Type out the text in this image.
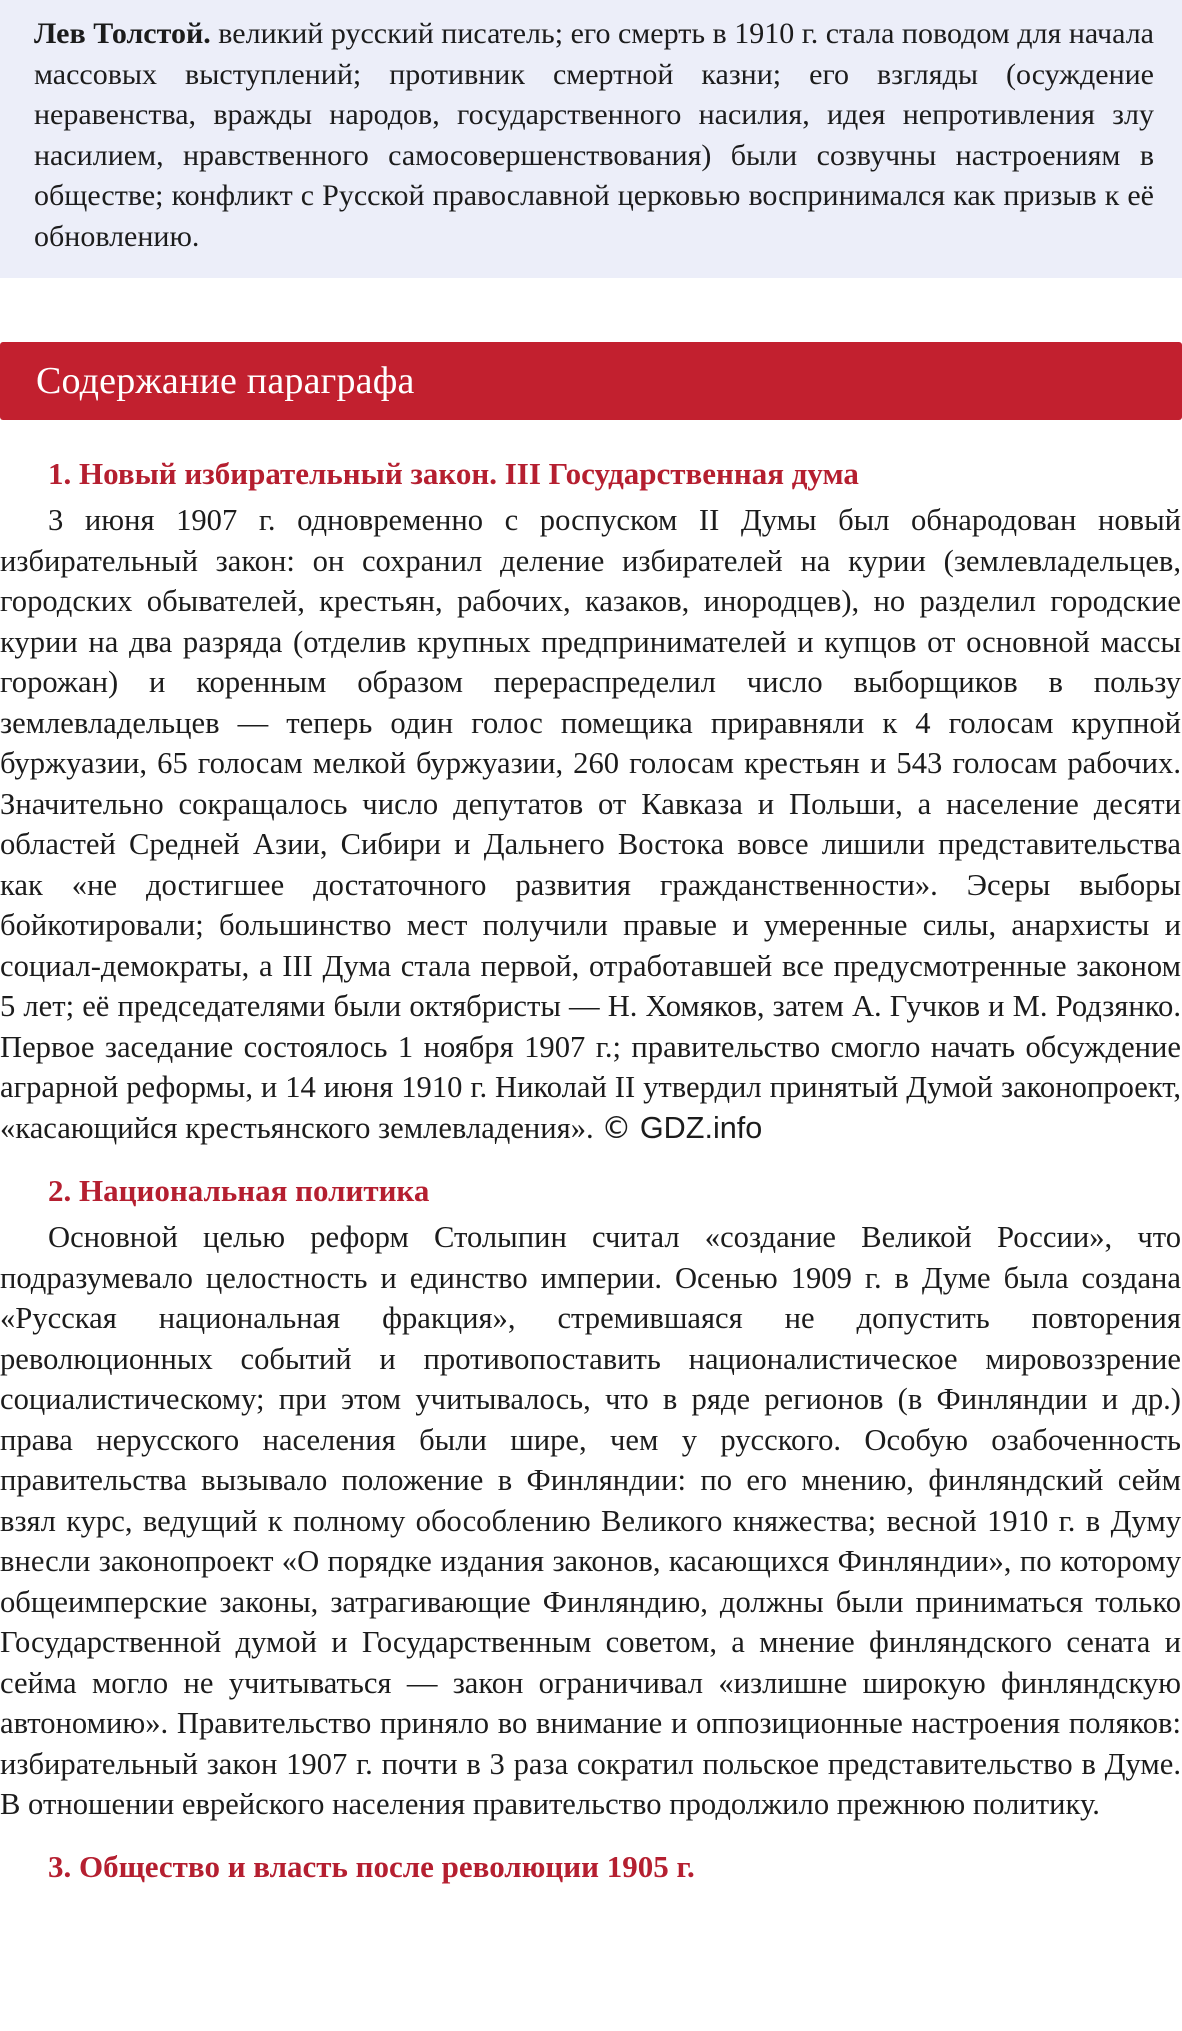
Лев Толстой. великий русский писатель; его смерть в 1910 г. стала поводом для начала массовых выступлений; противник смертной казни; его взгляды (осуждение неравенства, вражды народов, государственного насилия, идея непротивления злу насилием, нравственного самосовершенствования) были созвучны настроениям в обществе; конфликт с Русской православной церковью воспринимался как призыв к её обновлению.

Содержание параграфа
1. Новый избирательный закон. III Государственная дума

3 июня 1907 г. одновременно с роспуском II Думы был обнародован новый избирательный закон: он сохранил деление избирателей на курии (землевладельцев, городских обывателей, крестьян, рабочих, казаков, инородцев), но разделил городские курии на два разряда (отделив крупных предпринимателей и купцов от основной массы горожан) и коренным образом перераспределил число выборщиков в пользу землевладельцев — теперь один голос помещика приравняли к 4 голосам крупной буржуазии, 65 голосам мелкой буржуазии, 260 голосам крестьян и 543 голосам рабочих. Значительно сокращалось число депутатов от Кавказа и Польши, а население десяти областей Средней Азии, Сибири и Дальнего Востока вовсе лишили представительства как «не достигшее достаточного развития гражданственности». Эсеры выборы бойкотировали; большинство мест получили правые и умеренные силы, анархисты и социал-демократы, а III Дума стала первой, отработавшей все предусмотренные законом 5 лет; её председателями были октябристы — Н. Хомяков, затем А. Гучков и М. Родзянко. Первое заседание состоялось 1 ноября 1907 г.; правительство смогло начать обсуждение аграрной реформы, и 14 июня 1910 г. Николай II утвердил принятый Думой законопроект, «касающийся крестьянского землевладения». © GDZ.info

2. Национальная политика

Основной целью реформ Столыпин считал «создание Великой России», что подразумевало целостность и единство империи. Осенью 1909 г. в Думе была создана «Русская национальная фракция», стремившаяся не допустить повторения революционных событий и противопоставить националистическое мировоззрение социалистическому; при этом учитывалось, что в ряде регионов (в Финляндии и др.) права нерусского населения были шире, чем у русского. Особую озабоченность правительства вызывало положение в Финляндии: по его мнению, финляндский сейм взял курс, ведущий к полному обособлению Великого княжества; весной 1910 г. в Думу внесли законопроект «О порядке издания законов, касающихся Финляндии», по которому общеимперские законы, затрагивающие Финляндию, должны были приниматься только Государственной думой и Государственным советом, а мнение финляндского сената и сейма могло не учитываться — закон ограничивал «излишне широкую финляндскую автономию». Правительство приняло во внимание и оппозиционные настроения поляков: избирательный закон 1907 г. почти в 3 раза сократил польское представительство в Думе. В отношении еврейского населения правительство продолжило прежнюю политику.

3. Общество и власть после революции 1905 г.
